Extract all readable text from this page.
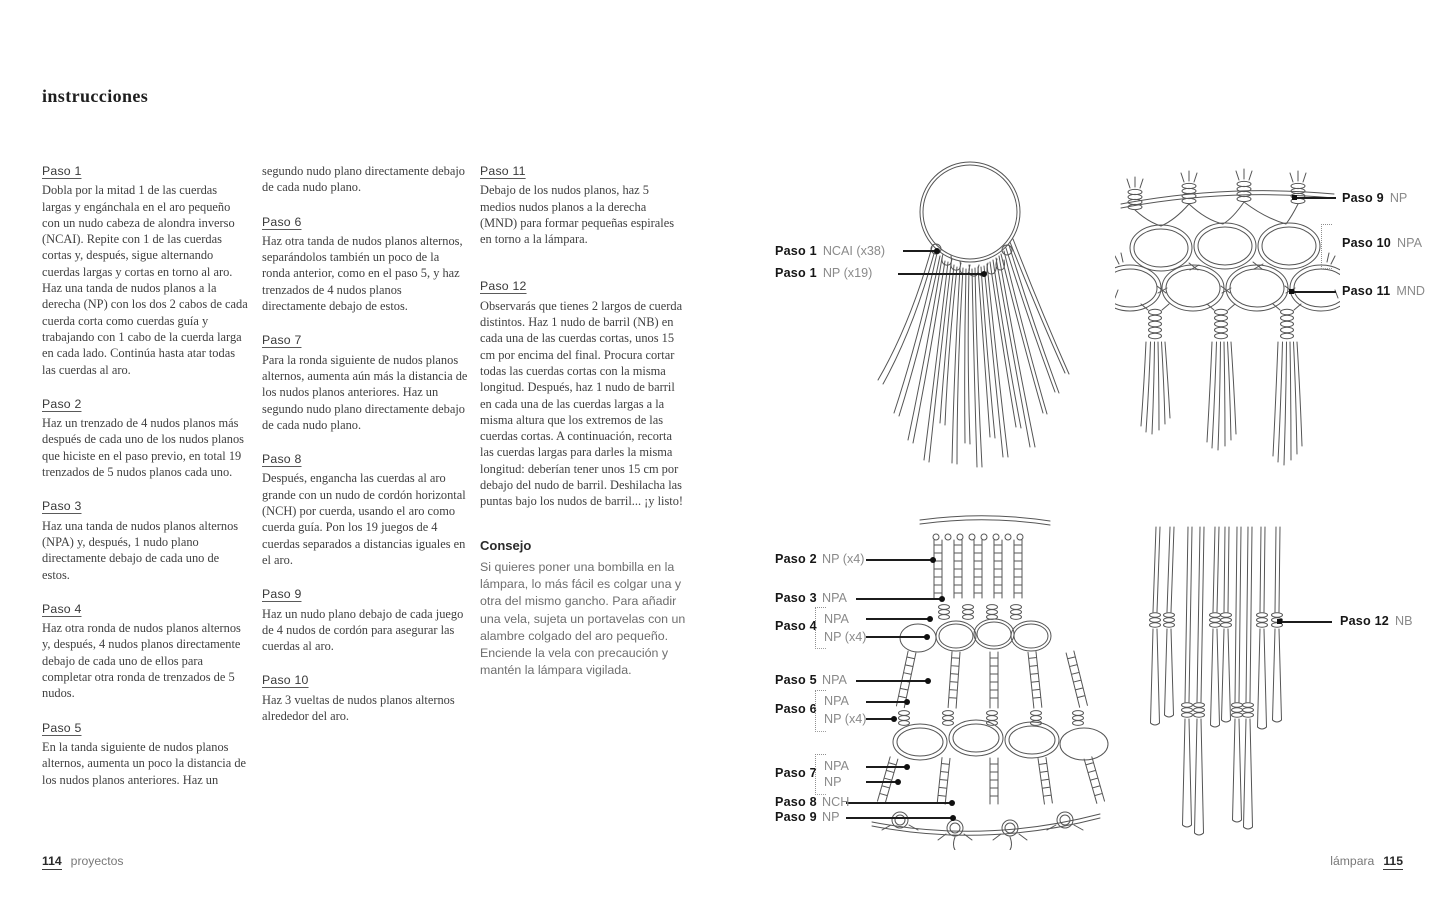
instrucciones
Paso 1

Dobla por la mitad 1 de las cuerdas largas y engánchala en el aro pequeño con un nudo cabeza de alondra inverso (NCAI). Repite con 1 de las cuerdas cortas y, después, sigue alternando cuerdas largas y cortas en torno al aro. Haz una tanda de nudos planos a la derecha (NP) con los dos 2 cabos de cada cuerda corta como cuerdas guía y trabajando con 1 cabo de la cuerda larga en cada lado. Continúa hasta atar todas las cuerdas al aro.

Paso 2

Haz un trenzado de 4 nudos planos más después de cada uno de los nudos planos que hiciste en el paso previo, en total 19 trenzados de 5 nudos planos cada uno.

Paso 3

Haz una tanda de nudos planos alternos (NPA) y, después, 1 nudo plano directamente debajo de cada uno de estos.

Paso 4

Haz otra ronda de nudos planos alternos y, después, 4 nudos planos directamente debajo de cada uno de ellos para completar otra ronda de trenzados de 5 nudos.

Paso 5

En la tanda siguiente de nudos planos alternos, aumenta un poco la distancia de los nudos planos anteriores. Haz un

segundo nudo plano directamente debajo de cada nudo plano.

Paso 6

Haz otra tanda de nudos planos alternos, separándolos también un poco de la ronda anterior, como en el paso 5, y haz trenzados de 4 nudos planos directamente debajo de estos.

Paso 7

Para la ronda siguiente de nudos planos alternos, aumenta aún más la distancia de los nudos planos anteriores. Haz un segundo nudo plano directamente debajo de cada nudo plano.

Paso 8

Después, engancha las cuerdas al aro grande con un nudo de cordón horizontal (NCH) por cuerda, usando el aro como cuerda guía. Pon los 19 juegos de 4 cuerdas separados a distancias iguales en el aro.

Paso 9

Haz un nudo plano debajo de cada juego de 4 nudos de cordón para asegurar las cuerdas al aro.

Paso 10

Haz 3 vueltas de nudos planos alternos alrededor del aro.

Paso 11

Debajo de los nudos planos, haz 5 medios nudos planos a la derecha (MND) para formar pequeñas espirales en torno a la lámpara.

Paso 12

Observarás que tienes 2 largos de cuerda distintos. Haz 1 nudo de barril (NB) en cada una de las cuerdas cortas, unos 15 cm por encima del final. Procura cortar todas las cuerdas cortas con la misma longitud. Después, haz 1 nudo de barril en cada una de las cuerdas largas a la misma altura que los extremos de las cuerdas cortas. A continuación, recorta las cuerdas largas para darles la misma longitud: deberían tener unos 15 cm por debajo del nudo de barril. Deshilacha las puntas bajo los nudos de barril... ¡y listo!

Consejo

Si quieres poner una bombilla en la lámpara, lo más fácil es colgar una y otra del mismo gancho. Para añadir una vela, sujeta un portavelas con un alambre colgado del aro pequeño. Enciende la vela con precaución y mantén la lámpara vigilada.

114 proyectos	lámpara 115
Paso 1 NCAI (x38)
Paso 1 NP (x19)
Paso 9 NP
Paso 10 NPA
Paso 11 MND
Paso 2 NP (x4)
Paso 3 NPA
Paso 4 NPA
NP (x4)
Paso 5 NPA
Paso 6
NPA
NP (x4)
Paso 7 NPA
NP
Paso 8 NCH
Paso 9 NP
Paso 12 NB
